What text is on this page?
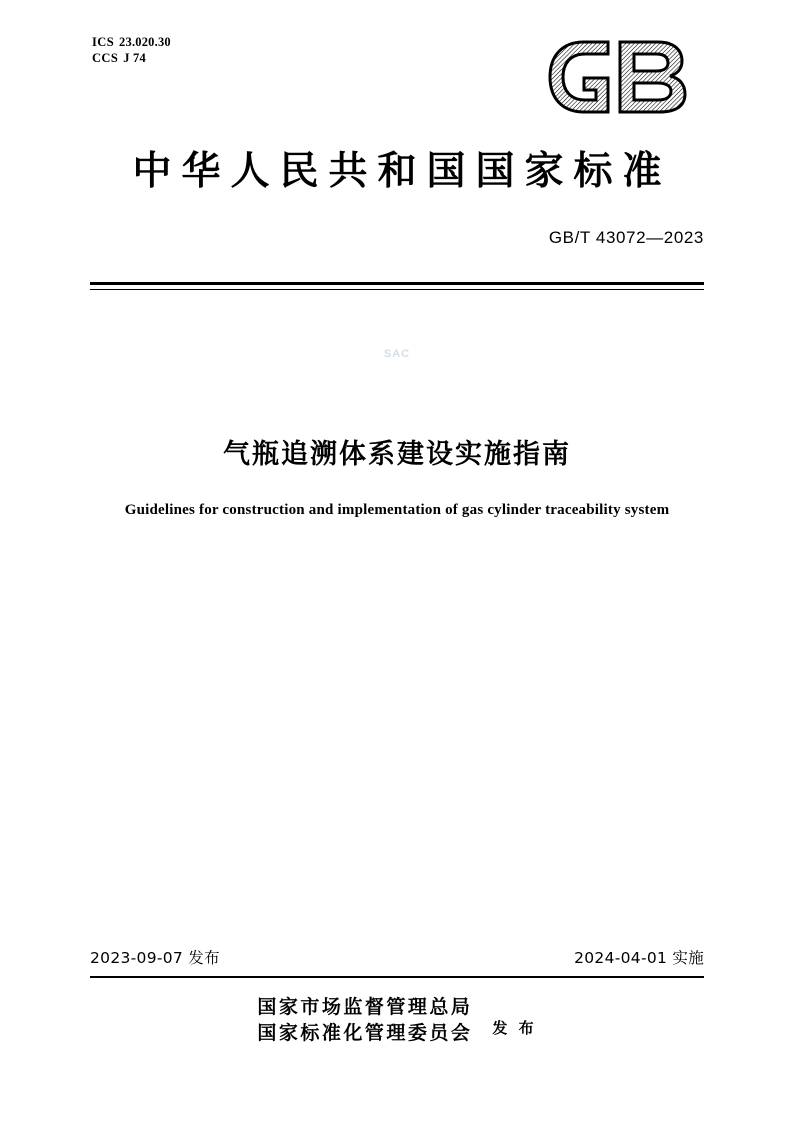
ICS 23.020.30
CCS J 74
中华人民共和国国家标准
GB/T 43072—2023
SAC
气瓶追溯体系建设实施指南
Guidelines for construction and implementation of gas cylinder traceability system
2023-09-07 发布	2024-04-01 实施
国家市场监督管理总局
国家标准化管理委员会 发 布
